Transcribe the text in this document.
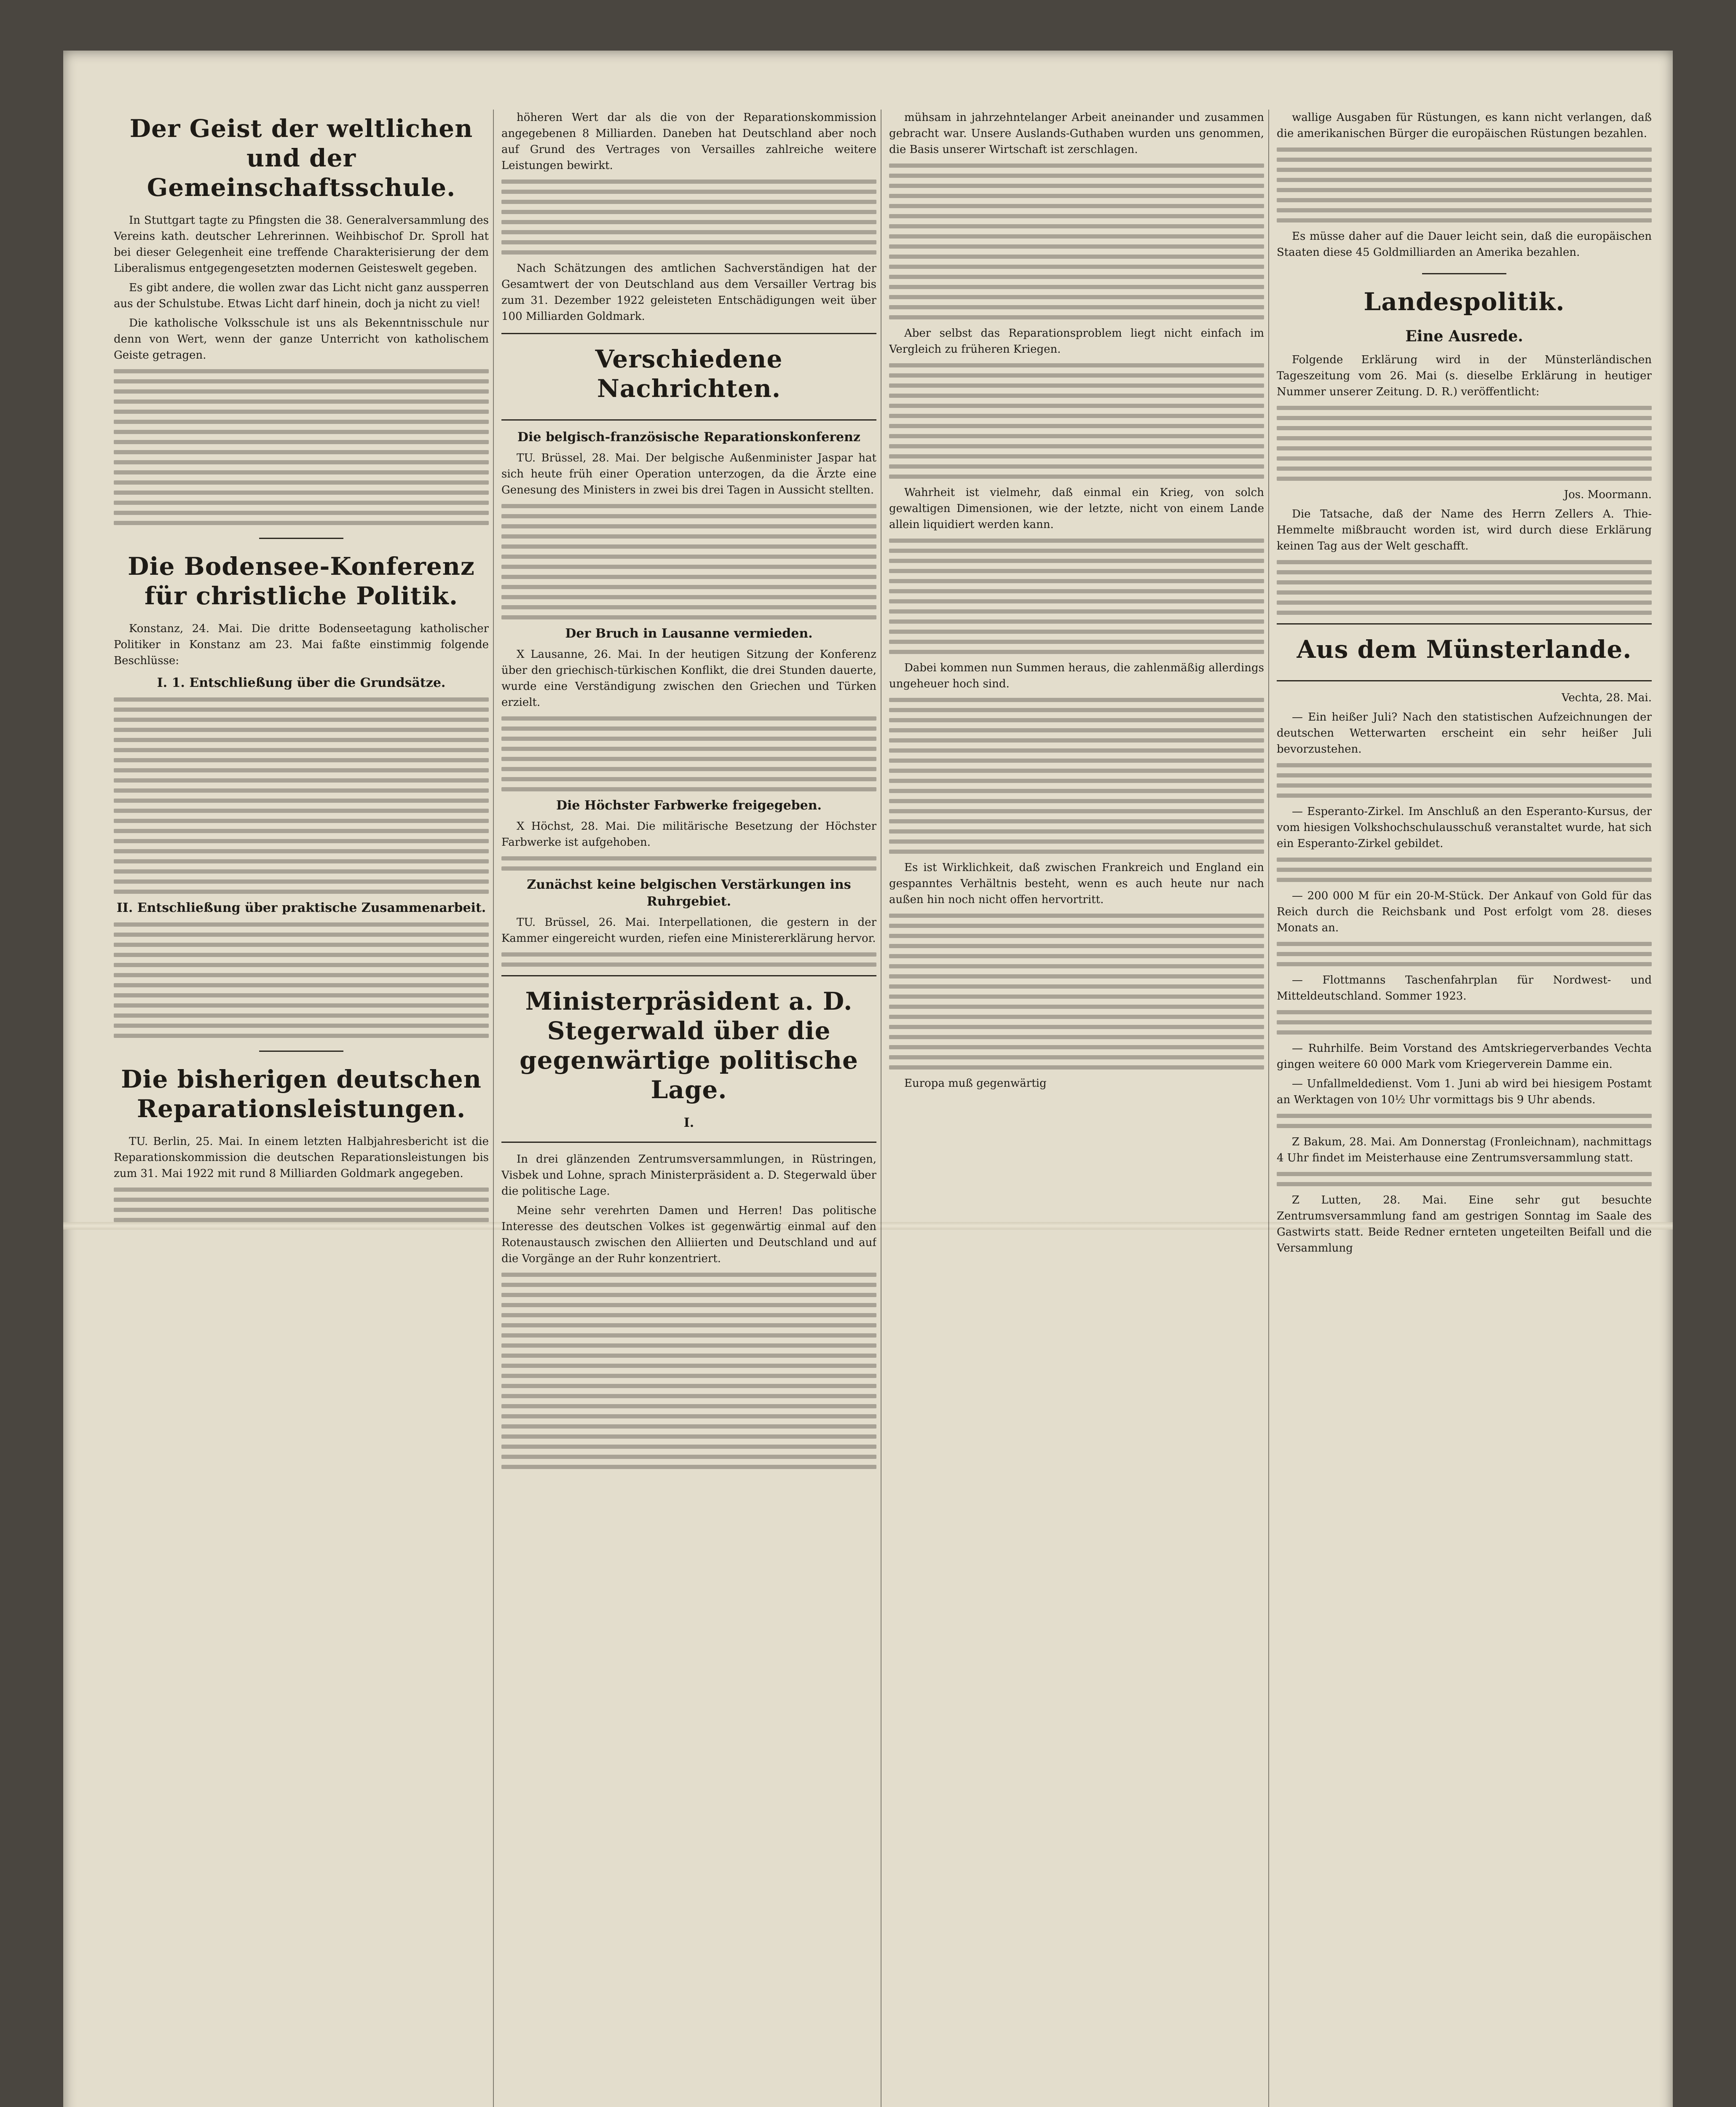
Der Geist der weltlichen und der Gemeinschaftsschule.

In Stuttgart tagte zu Pfingsten die 38. Generalversammlung des Vereins kath. deutscher Lehrerinnen. Weihbischof Dr. Sproll hat bei dieser Gelegenheit eine treffende Charakterisierung der dem Liberalismus entgegengesetzten modernen Geisteswelt gegeben.

Es gibt andere, die wollen zwar das Licht nicht ganz aussperren aus der Schulstube. Etwas Licht darf hinein, doch ja nicht zu viel!

Die katholische Volksschule ist uns als Bekenntnisschule nur denn von Wert, wenn der ganze Unterricht von katholischem Geiste getragen.

Die Bodensee-Konferenz für christliche Politik.

Konstanz, 24. Mai. Die dritte Bodenseetagung katholischer Politiker in Konstanz am 23. Mai faßte einstimmig folgende Beschlüsse:

I. 1. Entschließung über die Grundsätze.
II. Entschließung über praktische Zusammenarbeit.
Die bisherigen deutschen Reparationsleistungen.

TU. Berlin, 25. Mai. In einem letzten Halbjahresbericht ist die Reparationskommission die deutschen Reparationsleistungen bis zum 31. Mai 1922 mit rund 8 Milliarden Goldmark angegeben.

höheren Wert dar als die von der Reparationskommission angegebenen 8 Milliarden. Daneben hat Deutschland aber noch auf Grund des Vertrages von Versailles zahlreiche weitere Leistungen bewirkt.

Nach Schätzungen des amtlichen Sachverständigen hat der Gesamtwert der von Deutschland aus dem Versailler Vertrag bis zum 31. Dezember 1922 geleisteten Entschädigungen weit über 100 Milliarden Goldmark.

Verschiedene Nachrichten.
Die belgisch-französische Reparationskonferenz

TU. Brüssel, 28. Mai. Der belgische Außenminister Jaspar hat sich heute früh einer Operation unterzogen, da die Ärzte eine Genesung des Ministers in zwei bis drei Tagen in Aussicht stellten.

Der Bruch in Lausanne vermieden.

X Lausanne, 26. Mai. In der heutigen Sitzung der Konferenz über den griechisch-türkischen Konflikt, die drei Stunden dauerte, wurde eine Verständigung zwischen den Griechen und Türken erzielt.

Die Höchster Farbwerke freigegeben.

X Höchst, 28. Mai. Die militärische Besetzung der Höchster Farbwerke ist aufgehoben.

Zunächst keine belgischen Verstärkungen ins Ruhrgebiet.

TU. Brüssel, 26. Mai. Interpellationen, die gestern in der Kammer eingereicht wurden, riefen eine Ministererklärung hervor.

Ministerpräsident a. D. Stegerwald über die gegenwärtige politische Lage.
I.

In drei glänzenden Zentrumsversammlungen, in Rüstringen, Visbek und Lohne, sprach Ministerpräsident a. D. Stegerwald über die politische Lage.

Meine sehr verehrten Damen und Herren! Das politische Interesse des deutschen Volkes ist gegenwärtig einmal auf den Rotenaustausch zwischen den Alliierten und Deutschland und auf die Vorgänge an der Ruhr konzentriert.

mühsam in jahrzehntelanger Arbeit aneinander und zusammen gebracht war. Unsere Auslands-Guthaben wurden uns genommen, die Basis unserer Wirtschaft ist zerschlagen.

Aber selbst das Reparationsproblem liegt nicht einfach im Vergleich zu früheren Kriegen.

Wahrheit ist vielmehr, daß einmal ein Krieg, von solch gewaltigen Dimensionen, wie der letzte, nicht von einem Lande allein liquidiert werden kann.

Dabei kommen nun Summen heraus, die zahlenmäßig allerdings ungeheuer hoch sind.

Es ist Wirklichkeit, daß zwischen Frankreich und England ein gespanntes Verhältnis besteht, wenn es auch heute nur nach außen hin noch nicht offen hervortritt.

Europa muß gegenwärtig

wallige Ausgaben für Rüstungen, es kann nicht verlangen, daß die amerikanischen Bürger die europäischen Rüstungen bezahlen.

Es müsse daher auf die Dauer leicht sein, daß die europäischen Staaten diese 45 Goldmilliarden an Amerika bezahlen.

Landespolitik.
Eine Ausrede.

Folgende Erklärung wird in der Münsterländischen Tageszeitung vom 26. Mai (s. dieselbe Erklärung in heutiger Nummer unserer Zeitung. D. R.) veröffentlicht:

Jos. Moormann.

Die Tatsache, daß der Name des Herrn Zellers A. Thie-Hemmelte mißbraucht worden ist, wird durch diese Erklärung keinen Tag aus der Welt geschafft.

Aus dem Münsterlande.

Vechta, 28. Mai.

— Ein heißer Juli? Nach den statistischen Aufzeichnungen der deutschen Wetterwarten erscheint ein sehr heißer Juli bevorzustehen.

— Esperanto-Zirkel. Im Anschluß an den Esperanto-Kursus, der vom hiesigen Volkshochschulausschuß veranstaltet wurde, hat sich ein Esperanto-Zirkel gebildet.

— 200 000 M für ein 20-M-Stück. Der Ankauf von Gold für das Reich durch die Reichsbank und Post erfolgt vom 28. dieses Monats an.

— Flottmanns Taschenfahrplan für Nordwest- und Mitteldeutschland. Sommer 1923.

— Ruhrhilfe. Beim Vorstand des Amtskriegerverbandes Vechta gingen weitere 60 000 Mark vom Kriegerverein Damme ein.

— Unfallmeldedienst. Vom 1. Juni ab wird bei hiesigem Postamt an Werktagen von 10½ Uhr vormittags bis 9 Uhr abends.

Z Bakum, 28. Mai. Am Donnerstag (Fronleichnam), nachmittags 4 Uhr findet im Meisterhause eine Zentrumsversammlung statt.

Z Lutten, 28. Mai. Eine sehr gut besuchte Zentrumsversammlung fand am gestrigen Sonntag im Saale des Gastwirts statt. Beide Redner ernteten ungeteilten Beifall und die Versammlung
